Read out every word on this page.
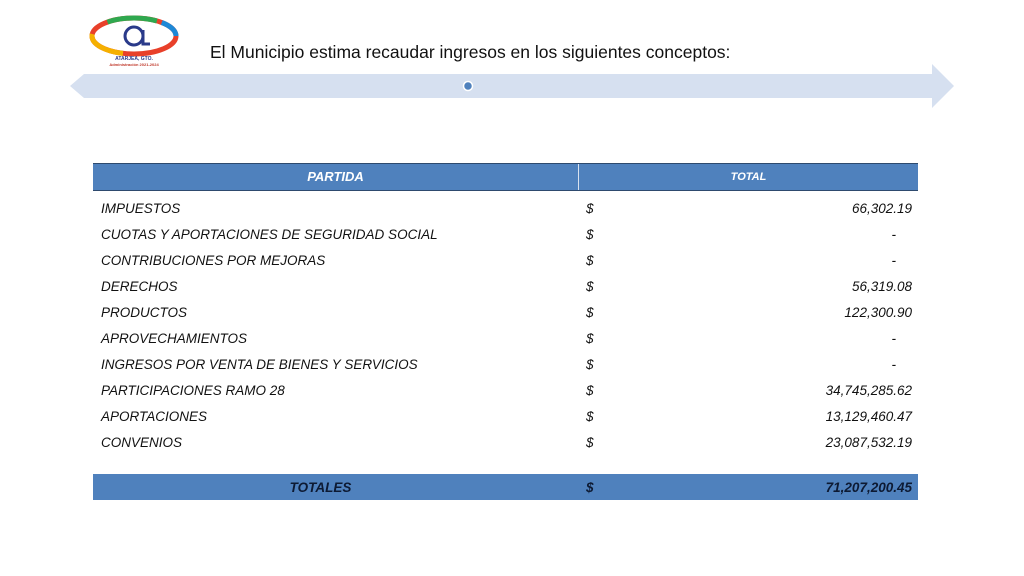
ATARJEA, GTO.
Administración 2021-2024
El Municipio estima recaudar ingresos en los siguientes conceptos:
PARTIDA	TOTAL
IMPUESTOS	$	66,302.19
CUOTAS Y APORTACIONES DE SEGURIDAD SOCIAL	$	-
CONTRIBUCIONES POR MEJORAS	$	-
DERECHOS	$	56,319.08
PRODUCTOS	$	122,300.90
APROVECHAMIENTOS	$	-
INGRESOS POR VENTA DE BIENES Y SERVICIOS	$	-
PARTICIPACIONES RAMO 28	$	34,745,285.62
APORTACIONES	$	13,129,460.47
CONVENIOS	$	23,087,532.19
TOTALES	$	71,207,200.45
